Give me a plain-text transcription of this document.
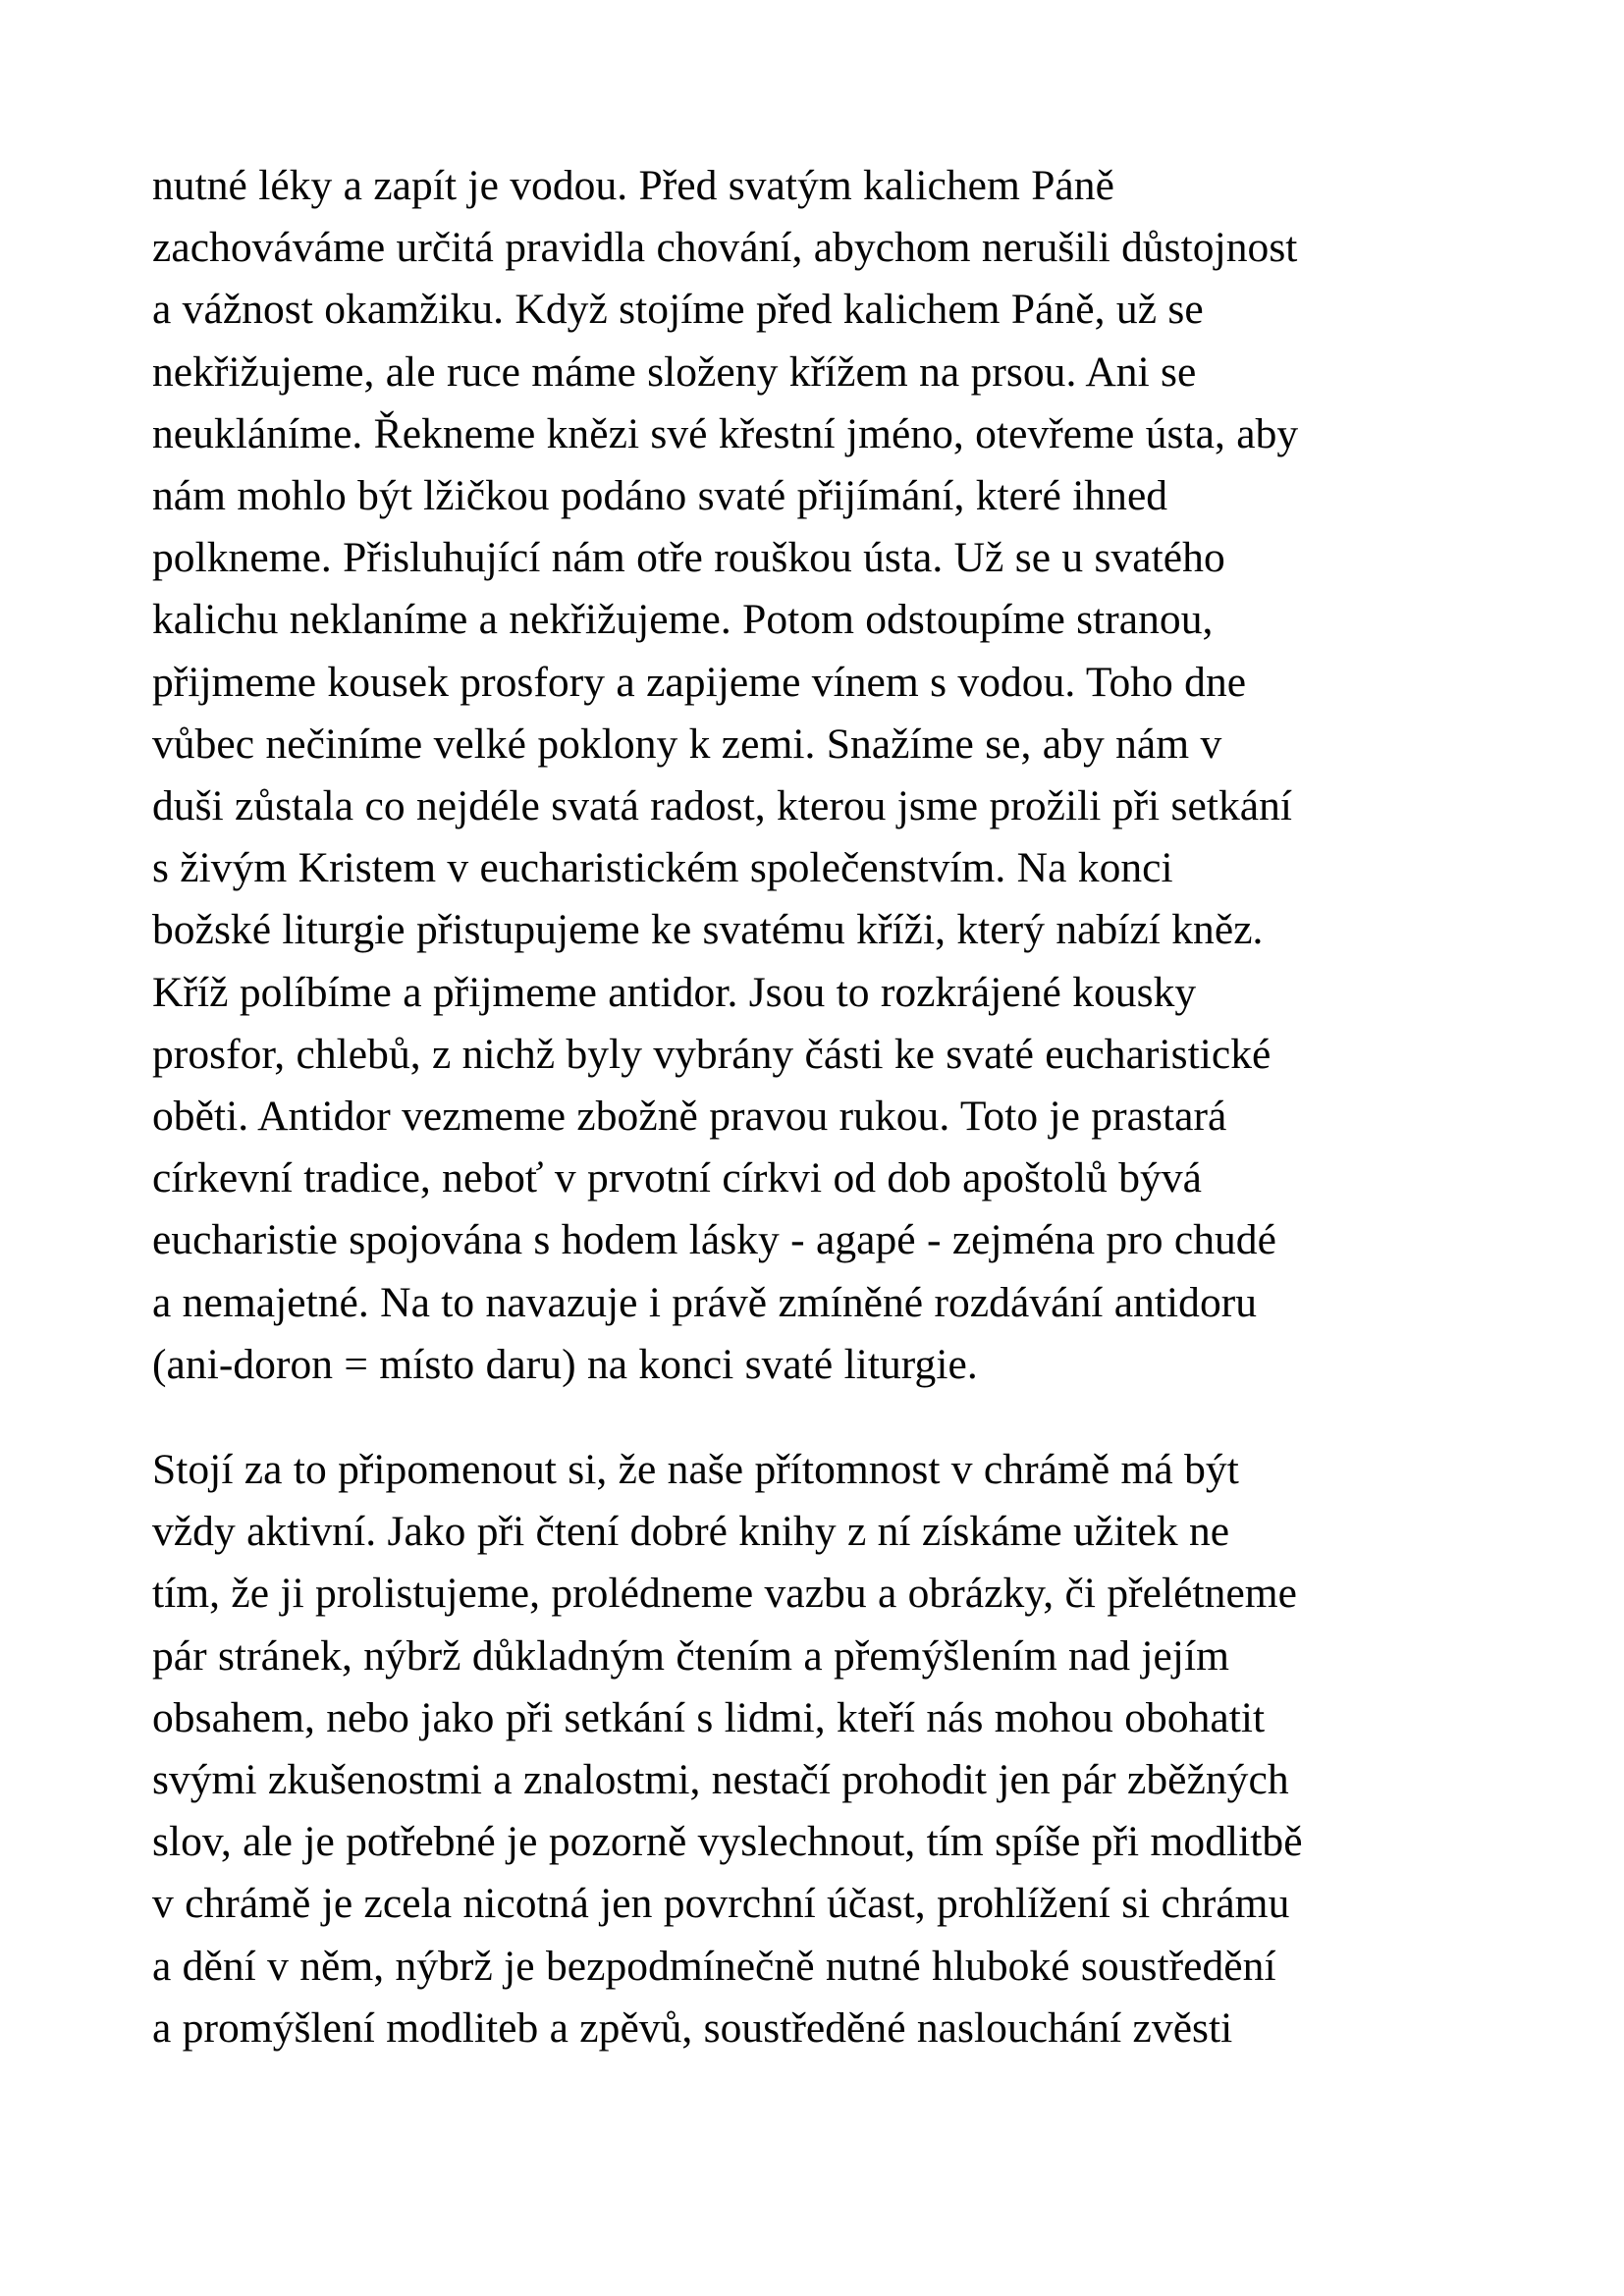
nutné léky a zapít je vodou. Před svatým kalichem Páně
zachováváme určitá pravidla chování, abychom nerušili důstojnost
a vážnost okamžiku. Když stojíme před kalichem Páně, už se
nekřižujeme, ale ruce máme složeny křížem na prsou. Ani se
neukláníme. Řekneme knězi své křestní jméno, otevřeme ústa, aby
nám mohlo být lžičkou podáno svaté přijímání, které ihned
polkneme. Přisluhující nám otře rouškou ústa. Už se u svatého
kalichu neklaníme a nekřižujeme. Potom odstoupíme stranou,
přijmeme kousek prosfory a zapijeme vínem s vodou. Toho dne
vůbec nečiníme velké poklony k zemi. Snažíme se, aby nám v
duši zůstala co nejdéle svatá radost, kterou jsme prožili při setkání
s živým Kristem v eucharistickém společenstvím. Na konci
božské liturgie přistupujeme ke svatému kříži, který nabízí kněz.
Kříž políbíme a přijmeme antidor. Jsou to rozkrájené kousky
prosfor, chlebů, z nichž byly vybrány části ke svaté eucharistické
oběti. Antidor vezmeme zbožně pravou rukou. Toto je prastará
církevní tradice, neboť v prvotní církvi od dob apoštolů bývá
eucharistie spojována s hodem lásky - agapé - zejména pro chudé
a nemajetné. Na to navazuje i právě zmíněné rozdávání antidoru
(ani-doron = místo daru) na konci svaté liturgie.

Stojí za to připomenout si, že naše přítomnost v chrámě má být
vždy aktivní. Jako při čtení dobré knihy z ní získáme užitek ne
tím, že ji prolistujeme, prolédneme vazbu a obrázky, či přelétneme
pár stránek, nýbrž důkladným čtením a přemýšlením nad jejím
obsahem, nebo jako při setkání s lidmi, kteří nás mohou obohatit
svými zkušenostmi a znalostmi, nestačí prohodit jen pár zběžných
slov, ale je potřebné je pozorně vyslechnout, tím spíše při modlitbě
v chrámě je zcela nicotná jen povrchní účast, prohlížení si chrámu
a dění v něm, nýbrž je bezpodmínečně nutné hluboké soustředění
a promýšlení modliteb a zpěvů, soustředěné naslouchání zvěsti
